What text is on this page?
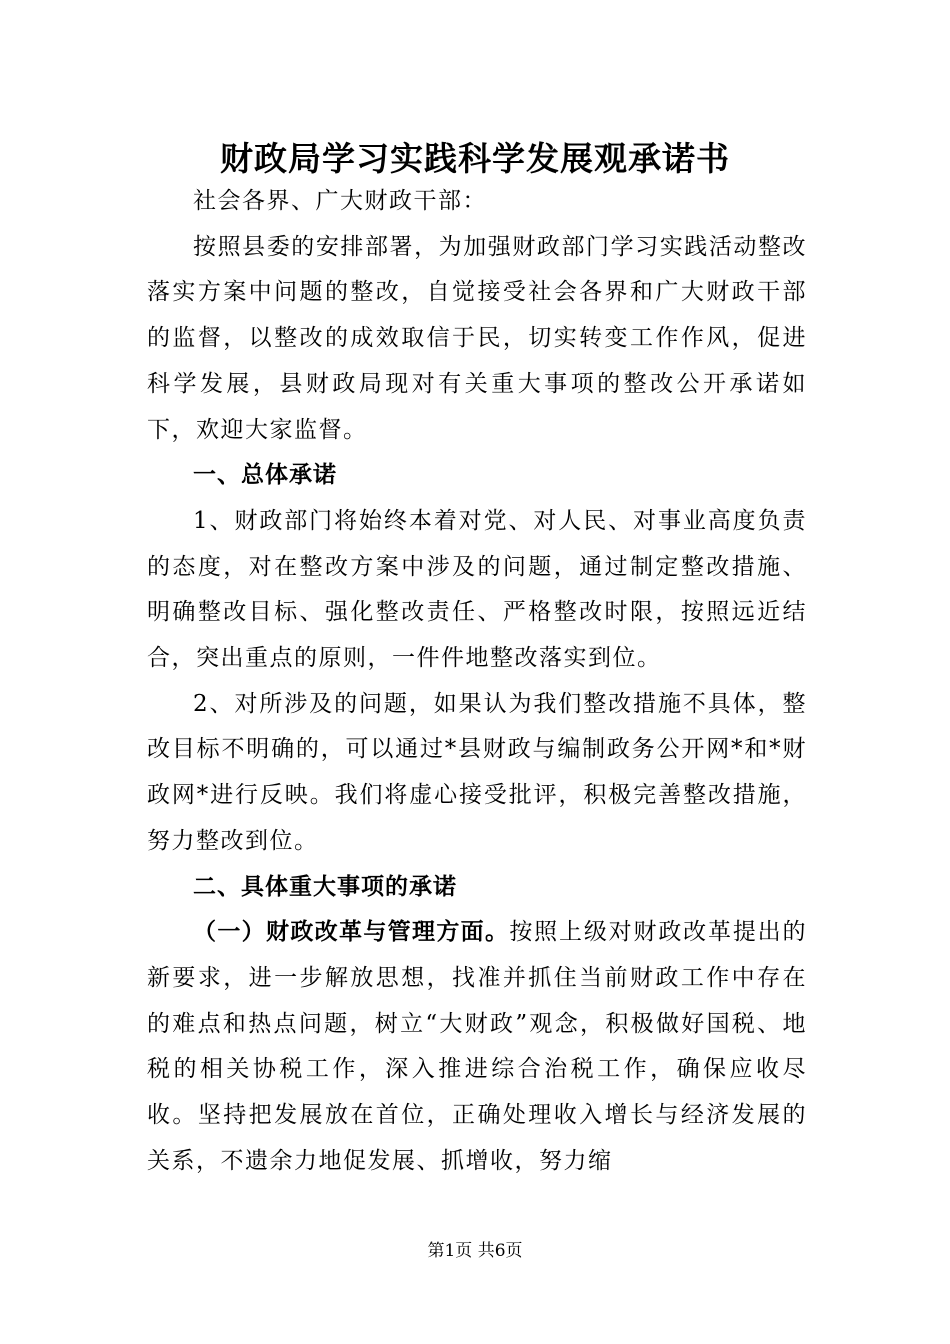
财政局学习实践科学发展观承诺书

社会各界、广大财政干部：

按照县委的安排部署，为加强财政部门学习实践活动整改落实方案中问题的整改，自觉接受社会各界和广大财政干部的监督，以整改的成效取信于民，切实转变工作作风，促进科学发展，县财政局现对有关重大事项的整改公开承诺如下，欢迎大家监督。

一、总体承诺

1、财政部门将始终本着对党、对人民、对事业高度负责的态度，对在整改方案中涉及的问题，通过制定整改措施、明确整改目标、强化整改责任、严格整改时限，按照远近结合，突出重点的原则，一件件地整改落实到位。

2、对所涉及的问题，如果认为我们整改措施不具体，整改目标不明确的，可以通过*县财政与编制政务公开网*和*财政网*进行反映。我们将虚心接受批评，积极完善整改措施，努力整改到位。

二、具体重大事项的承诺

（一）财政改革与管理方面。按照上级对财政改革提出的新要求，进一步解放思想，找准并抓住当前财政工作中存在的难点和热点问题，树立“大财政”观念，积极做好国税、地税的相关协税工作，深入推进综合治税工作，确保应收尽收。坚持把发展放在首位，正确处理收入增长与经济发展的关系，不遗余力地促发展、抓增收，努力缩

第1页 共6页
